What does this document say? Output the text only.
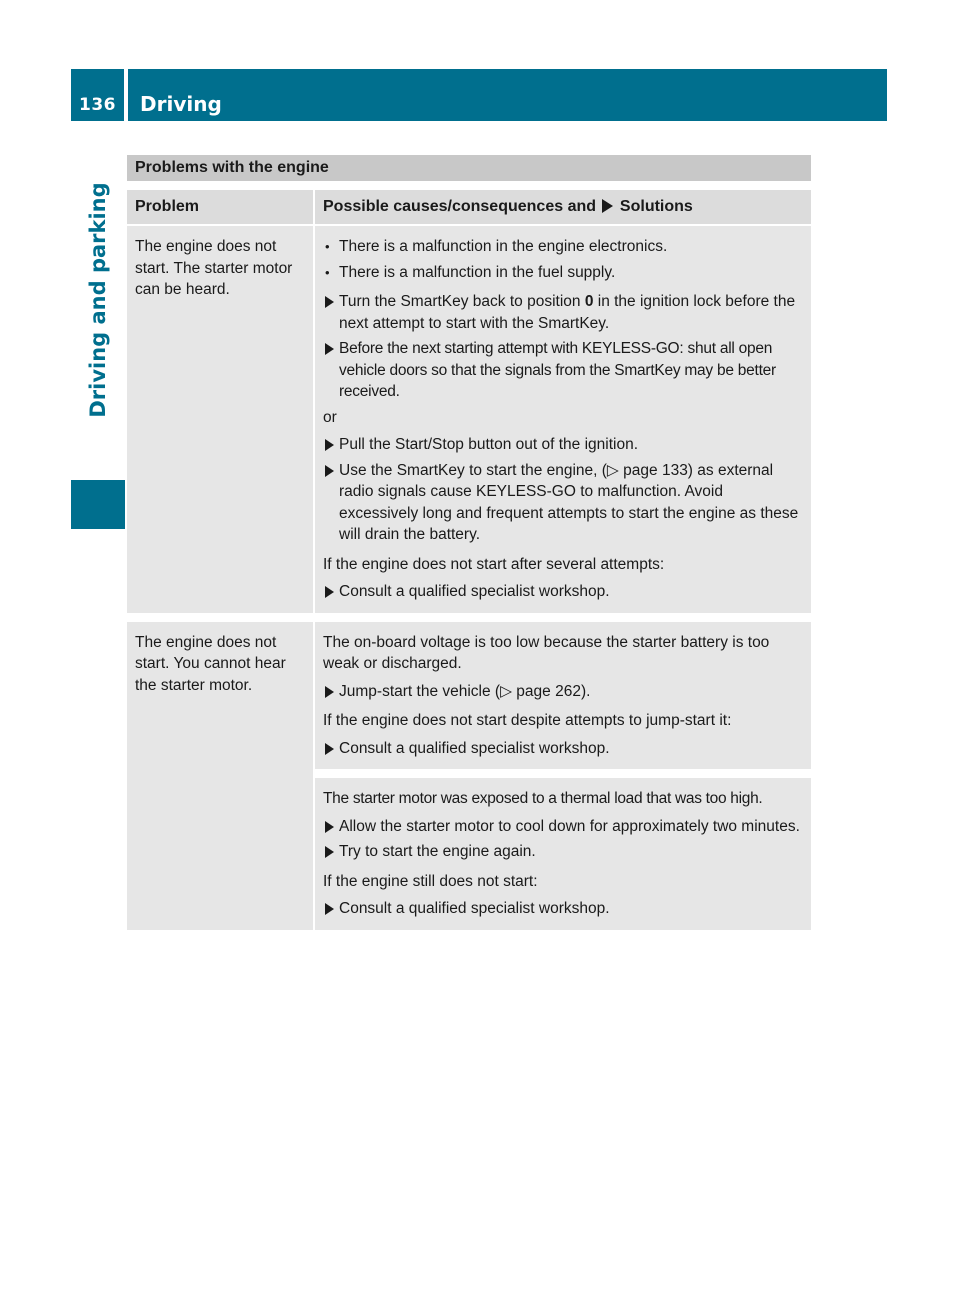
136	Driving
Driving and parking
Problems with the engine
Problem	Possible causes/consequences and Solutions
The engine does not start. The starter motor can be heard.
• There is a malfunction in the engine electronics.
• There is a malfunction in the fuel supply.
Turn the SmartKey back to position 0 in the ignition lock before the next attempt to start with the SmartKey.
Before the next starting attempt with KEYLESS-GO: shut all open vehicle doors so that the signals from the SmartKey may be better received.
or
Pull the Start/Stop button out of the ignition.
Use the SmartKey to start the engine, (▷ page 133) as external radio signals cause KEYLESS-GO to malfunction. Avoid excessively long and frequent attempts to start the engine as these will drain the battery.
If the engine does not start after several attempts:
Consult a qualified specialist workshop.
The engine does not start. You cannot hear the starter motor.
The on-board voltage is too low because the starter battery is too weak or discharged.
Jump-start the vehicle (▷ page 262).
If the engine does not start despite attempts to jump-start it:
Consult a qualified specialist workshop.
The starter motor was exposed to a thermal load that was too high.
Allow the starter motor to cool down for approximately two minutes.
Try to start the engine again.
If the engine still does not start:
Consult a qualified specialist workshop.
